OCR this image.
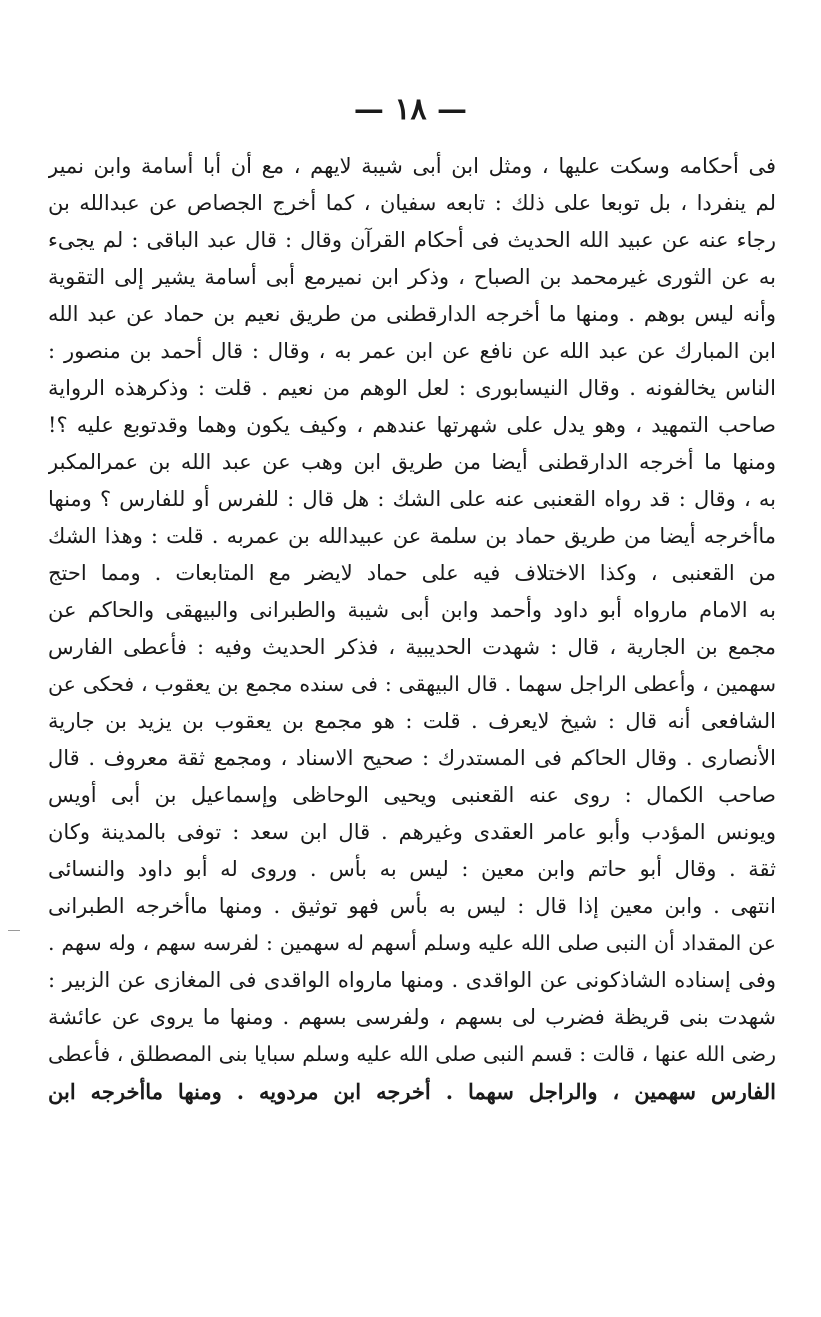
— ١٨ —
فى أحكامه وسكت عليها ، ومثل ابن أبى شيبة لايهم ، مع أن أبا أسامة وابن نمير
لم ينفردا ، بل توبعا على ذلك : تابعه سفيان ، كما أخرج الجصاص عن عبدالله بن
رجاء عنه عن عبيد الله الحديث فى أحكام القرآن وقال : قال عبد الباقى : لم يجىء
به عن الثورى غيرمحمد بن الصباح ، وذكر ابن نميرمع أبى أسامة يشير إلى التقوية
وأنه ليس بوهم . ومنها ما أخرجه الدارقطنى من طريق نعيم بن حماد عن عبد الله
ابن المبارك عن عبد الله عن نافع عن ابن عمر به ، وقال : قال أحمد بن منصور :
الناس يخالفونه . وقال النيسابورى : لعل الوهم من نعيم . قلت : وذكرهذه الرواية
صاحب التمهيد ، وهو يدل على شهرتها عندهم ، وكيف يكون وهما وقدتوبع عليه ؟!
ومنها ما أخرجه الدارقطنى أيضا من طريق ابن وهب عن عبد الله بن عمرالمكبر
به ، وقال : قد رواه القعنبى عنه على الشك : هل قال : للفرس أو للفارس ؟ ومنها
ماأخرجه أيضا من طريق حماد بن سلمة عن عبيدالله بن عمربه . قلت : وهذا الشك
من القعنبى ، وكذا الاختلاف فيه على حماد لايضر مع المتابعات . ومما احتج
به الامام مارواه أبو داود وأحمد وابن أبى شيبة والطبرانى والبيهقى والحاكم عن
مجمع بن الجارية ، قال : شهدت الحديبية ، فذكر الحديث وفيه : فأعطى الفارس
سهمين ، وأعطى الراجل سهما . قال البيهقى : فى سنده مجمع بن يعقوب ، فحكى عن
الشافعى أنه قال : شيخ لايعرف . قلت : هو مجمع بن يعقوب بن يزيد بن جارية
الأنصارى . وقال الحاكم فى المستدرك : صحيح الاسناد ، ومجمع ثقة معروف . قال
صاحب الكمال : روى عنه القعنبى ويحيى الوحاظى وإسماعيل بن أبى أويس
ويونس المؤدب وأبو عامر العقدى وغيرهم . قال ابن سعد : توفى بالمدينة وكان
ثقة . وقال أبو حاتم وابن معين : ليس به بأس . وروى له أبو داود والنسائى
انتهى . وابن معين إذا قال : ليس به بأس فهو توثيق . ومنها ماأخرجه الطبرانى
عن المقداد أن النبى صلى الله عليه وسلم أسهم له سهمين : لفرسه سهم ، وله سهم .
وفى إسناده الشاذكونى عن الواقدى . ومنها مارواه الواقدى فى المغازى عن الزبير :
شهدت بنى قريظة فضرب لى بسهم ، ولفرسى بسهم . ومنها ما يروى عن عائشة
رضى الله عنها ، قالت : قسم النبى صلى الله عليه وسلم سبايا بنى المصطلق ، فأعطى
الفارس سهمين ، والراجل سهما . أخرجه ابن مردويه . ومنها ماأخرجه ابن
